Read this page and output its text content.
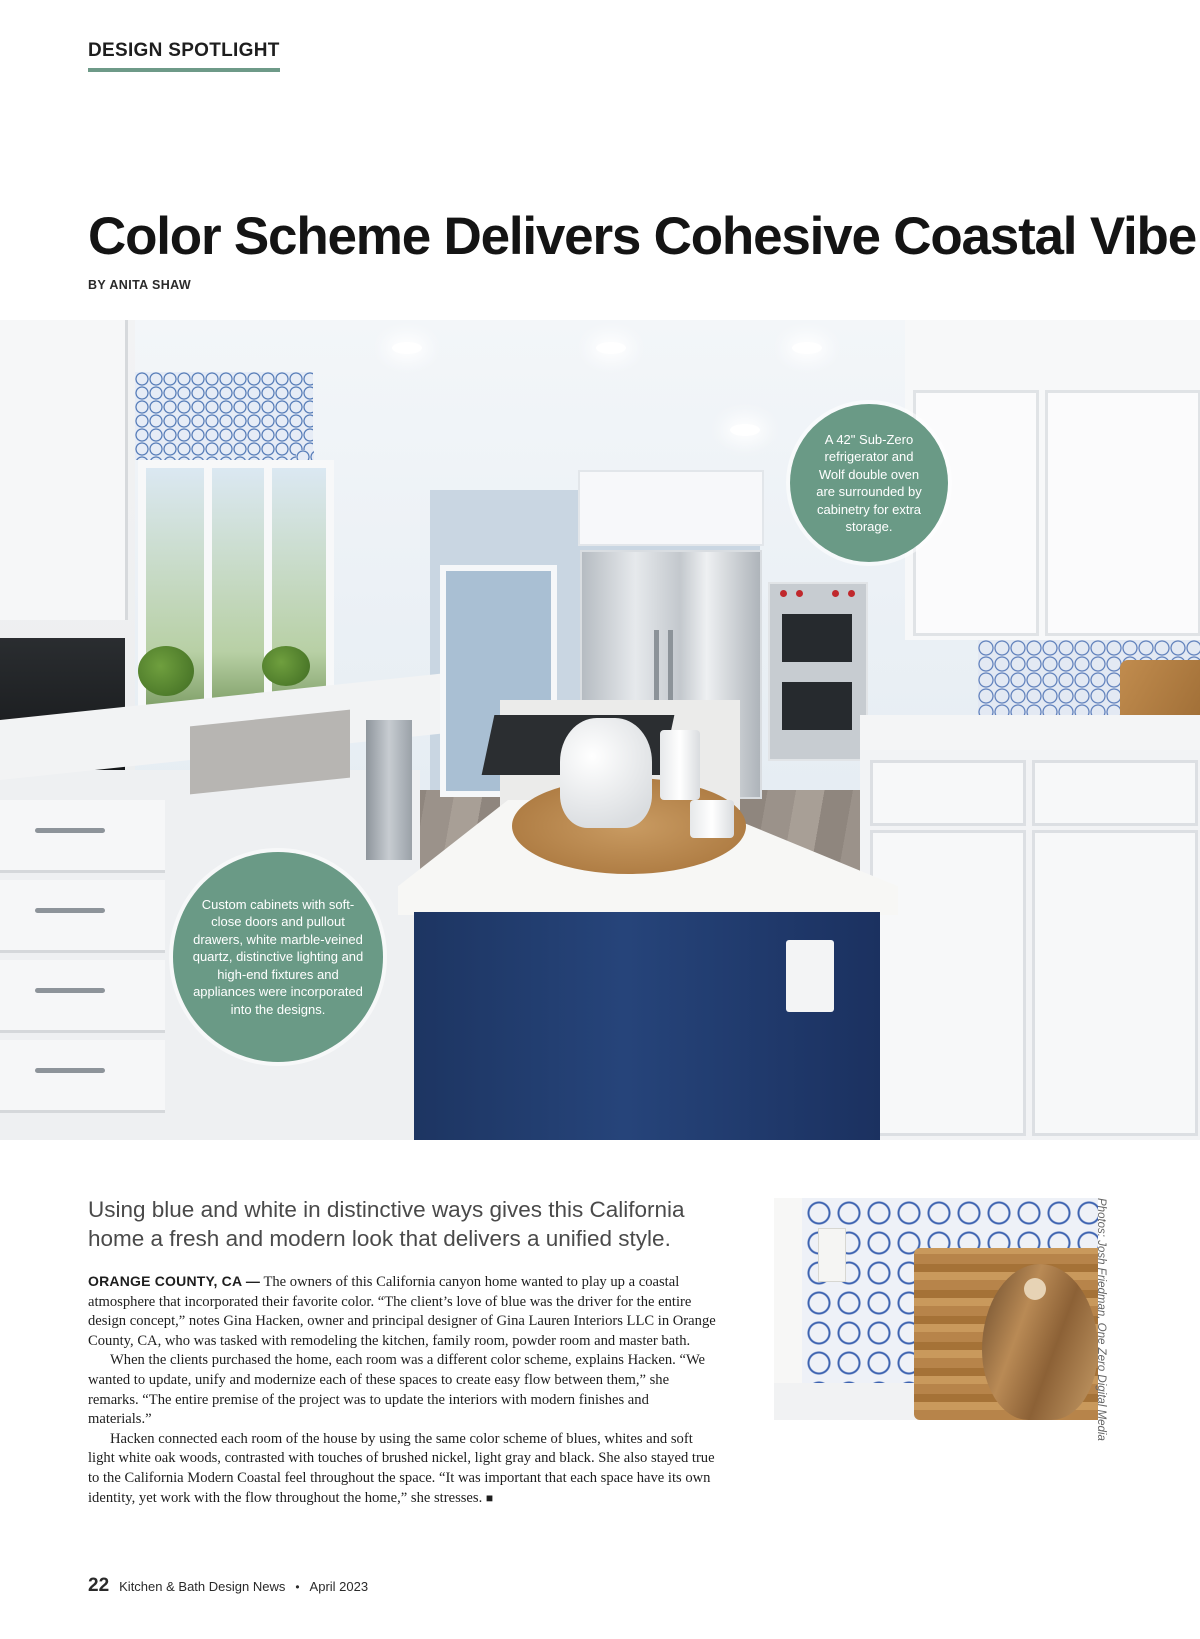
DESIGN SPOTLIGHT
Color Scheme Delivers Cohesive Coastal Vibe
BY ANITA SHAW
A 42" Sub-Zero refrigerator and Wolf double oven are surrounded by cabinetry for extra storage.
Custom cabinets with soft-close doors and pullout drawers, white marble-veined quartz, distinctive lighting and high-end fixtures and appliances were incorporated into the designs.
Using blue and white in distinctive ways gives this California home a fresh and modern look that delivers a unified style.

ORANGE COUNTY, CA — The owners of this California canyon home wanted to play up a coastal atmosphere that incorporated their favorite color. “The client’s love of blue was the driver for the entire design concept,” notes Gina Hacken, owner and principal designer of Gina Lauren Interiors LLC in Orange County, CA, who was tasked with remodeling the kitchen, family room, powder room and master bath.

When the clients purchased the home, each room was a different color scheme, explains Hacken. “We wanted to update, unify and modernize each of these spaces to create easy flow between them,” she remarks. “The entire premise of the project was to update the interiors with modern finishes and materials.”

Hacken connected each room of the house by using the same color scheme of blues, whites and soft light white oak woods, contrasted with touches of brushed nickel, light gray and black. She also stayed true to the California Modern Coastal feel throughout the space. “It was important that each space have its own identity, yet work with the flow throughout the home,” she stresses. ■

Photos: Josh Friedman, One Zero Digital Media
22 Kitchen & Bath Design News • April 2023
